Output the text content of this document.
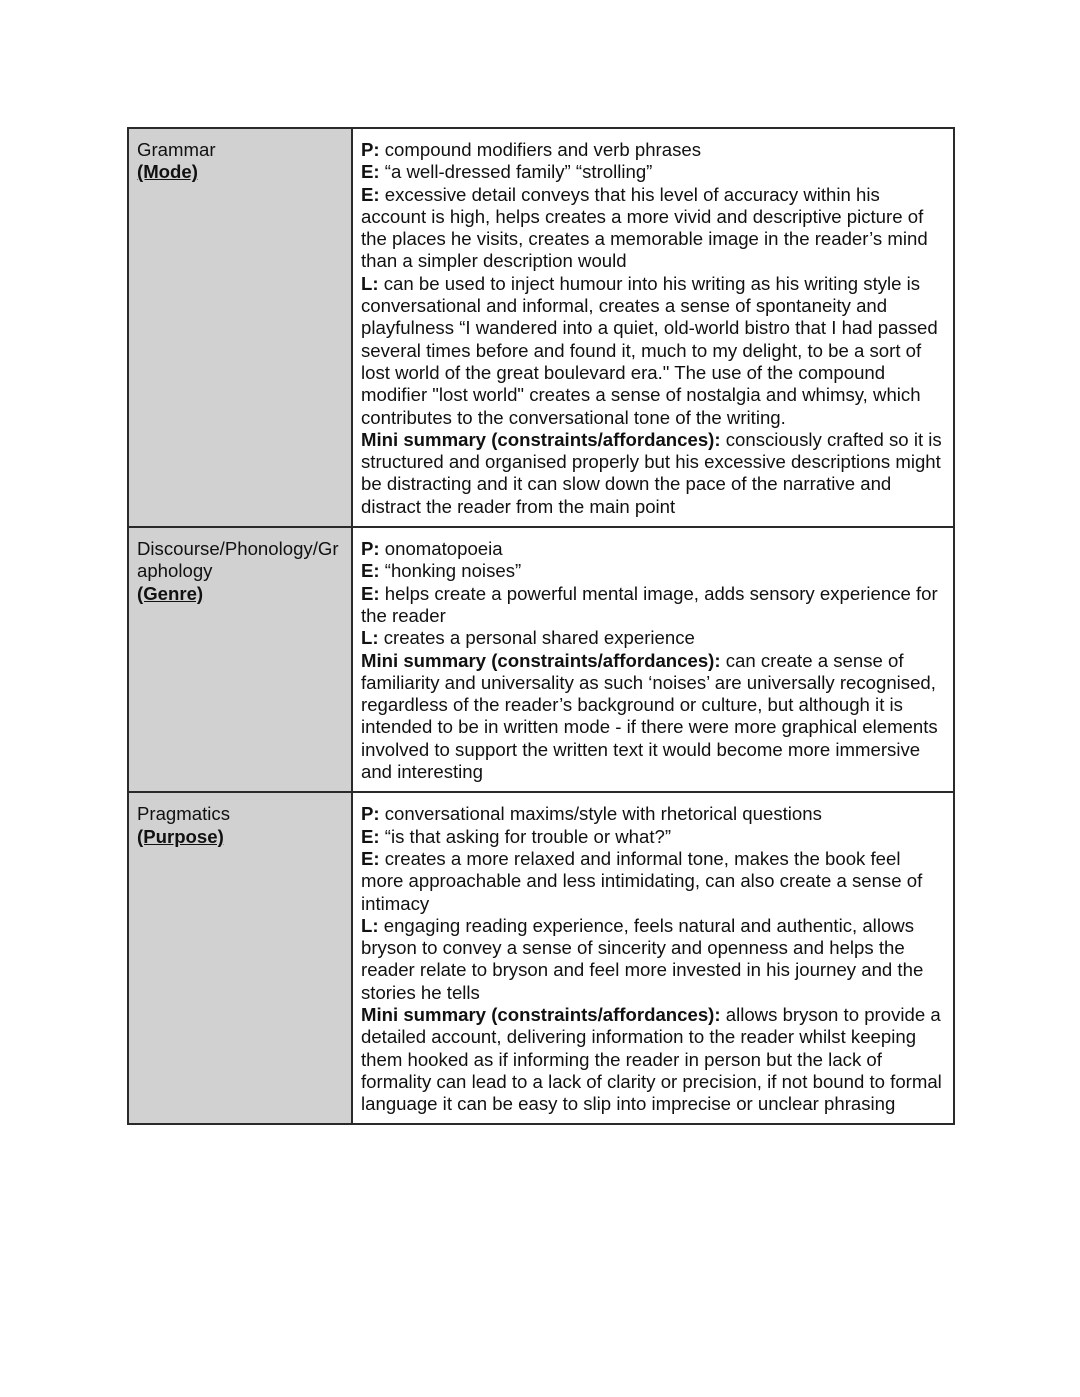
Grammar
(Mode)	P: compound modifiers and verb phrases
E: “a well-dressed family” “strolling”
E: excessive detail conveys that his level of accuracy within his account is high, helps creates a more vivid and descriptive picture of the places he visits, creates a memorable image in the reader’s mind than a simpler description would
L: can be used to inject humour into his writing as his writing style is conversational and informal, creates a sense of spontaneity and playfulness “I wandered into a quiet, old-world bistro that I had passed several times before and found it, much to my delight, to be a sort of lost world of the great boulevard era." The use of the compound modifier "lost world" creates a sense of nostalgia and whimsy, which contributes to the conversational tone of the writing.
Mini summary (constraints/affordances): consciously crafted so it is structured and organised properly but his excessive descriptions might be distracting and it can slow down the pace of the narrative and distract the reader from the main point

Discourse/Phonology/Graphology
(Genre)	P: onomatopoeia
E: “honking noises”
E: helps create a powerful mental image, adds sensory experience for the reader
L: creates a personal shared experience
Mini summary (constraints/affordances): can create a sense of familiarity and universality as such ‘noises’ are universally recognised, regardless of the reader’s background or culture, but although it is intended to be in written mode - if there were more graphical elements involved to support the written text it would become more immersive and interesting

Pragmatics
(Purpose)	P: conversational maxims/style with rhetorical questions
E: “is that asking for trouble or what?”
E: creates a more relaxed and informal tone, makes the book feel more approachable and less intimidating, can also create a sense of intimacy
L: engaging reading experience, feels natural and authentic, allows bryson to convey a sense of sincerity and openness and helps the reader relate to bryson and feel more invested in his journey and the stories he tells
Mini summary (constraints/affordances): allows bryson to provide a detailed account, delivering information to the reader whilst keeping them hooked as if informing the reader in person but the lack of formality can lead to a lack of clarity or precision, if not bound to formal language it can be easy to slip into imprecise or unclear phrasing
